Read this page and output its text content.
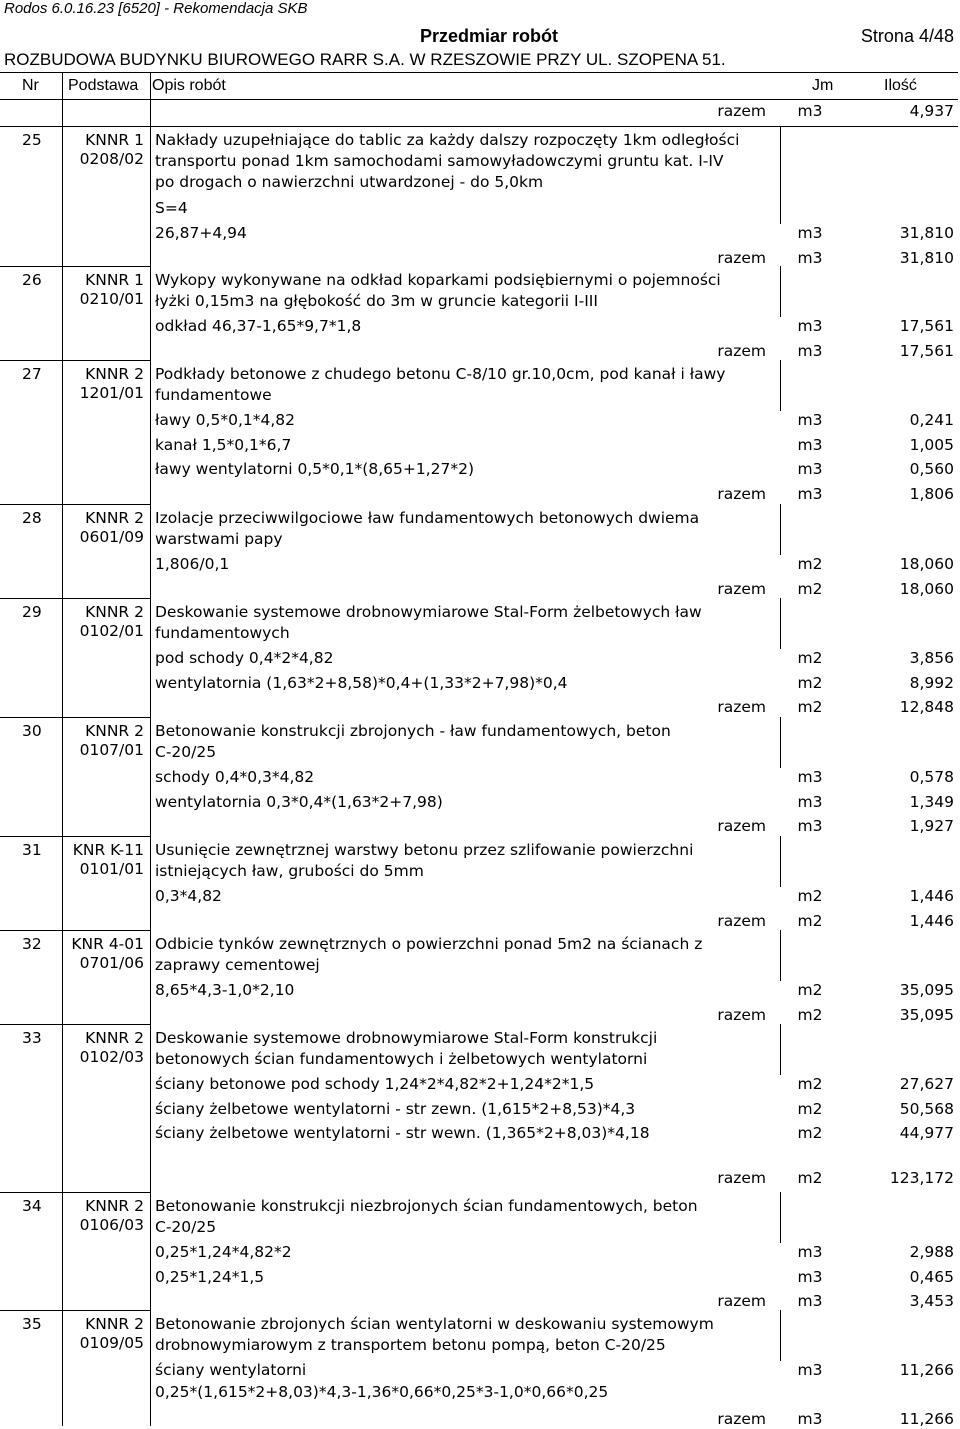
Rodos 6.0.16.23 [6520] - Rekomendacja SKB
Przedmiar robót	Strona 4/48
ROZBUDOWA BUDYNKU BIUROWEGO RARR S.A. W RZESZOWIE PRZY UL. SZOPENA 51.
Nr Podstawa Opis robót	Jm	Ilość
razem	m3	4,937
25	KNNR 1
0208/02
Nakłady uzupełniające do tablic za każdy dalszy rozpoczęty 1km odległości
transportu ponad 1km samochodami samowyładowczymi gruntu kat. I-IV
po drogach o nawierzchni utwardzonej - do 5,0km
S=4
26,87+4,94	m3	31,810
razem	m3	31,810
26	KNNR 1
0210/01
Wykopy wykonywane na odkład koparkami podsiębiernymi o pojemności
łyżki 0,15m3 na głębokość do 3m w gruncie kategorii I-III
odkład 46,37-1,65*9,7*1,8	m3	17,561
razem	m3	17,561
27	KNNR 2
1201/01
Podkłady betonowe z chudego betonu C-8/10 gr.10,0cm, pod kanał i ławy
fundamentowe
ławy 0,5*0,1*4,82	m3	0,241
kanał 1,5*0,1*6,7	m3	1,005
ławy wentylatorni 0,5*0,1*(8,65+1,27*2)	m3	0,560
razem	m3	1,806
28	KNNR 2
0601/09
Izolacje przeciwwilgociowe ław fundamentowych betonowych dwiema
warstwami papy
1,806/0,1	m2	18,060
razem	m2	18,060
29	KNNR 2
0102/01
Deskowanie systemowe drobnowymiarowe Stal-Form żelbetowych ław
fundamentowych
pod schody 0,4*2*4,82	m2	3,856
wentylatornia (1,63*2+8,58)*0,4+(1,33*2+7,98)*0,4	m2	8,992
razem	m2	12,848
30	KNNR 2
0107/01
Betonowanie konstrukcji zbrojonych - ław fundamentowych, beton
C-20/25
schody 0,4*0,3*4,82	m3	0,578
wentylatornia 0,3*0,4*(1,63*2+7,98)	m3	1,349
razem	m3	1,927
31 KNR K-11
0101/01
Usunięcie zewnętrznej warstwy betonu przez szlifowanie powierzchni
istniejących ław, grubości do 5mm
0,3*4,82	m2	1,446
razem	m2	1,446
32 KNR 4-01
0701/06
Odbicie tynków zewnętrznych o powierzchni ponad 5m2 na ścianach z
zaprawy cementowej
8,65*4,3-1,0*2,10	m2	35,095
razem	m2	35,095
33	KNNR 2
0102/03
Deskowanie systemowe drobnowymiarowe Stal-Form konstrukcji
betonowych ścian fundamentowych i żelbetowych wentylatorni
ściany betonowe pod schody 1,24*2*4,82*2+1,24*2*1,5	m2	27,627
ściany żelbetowe wentylatorni - str zewn. (1,615*2+8,53)*4,3	m2	50,568
ściany żelbetowe wentylatorni - str wewn. (1,365*2+8,03)*4,18	m2	44,977
razem	m2	123,172
34	KNNR 2
0106/03
Betonowanie konstrukcji niezbrojonych ścian fundamentowych, beton
C-20/25
0,25*1,24*4,82*2	m3	2,988
0,25*1,24*1,5	m3	0,465
razem	m3	3,453
35	KNNR 2
0109/05
Betonowanie zbrojonych ścian wentylatorni w deskowaniu systemowym
drobnowymiarowym z transportem betonu pompą, beton C-20/25
ściany wentylatorni	m3	11,266
0,25*(1,615*2+8,03)*4,3-1,36*0,66*0,25*3-1,0*0,66*0,25
razem	m3	11,266
